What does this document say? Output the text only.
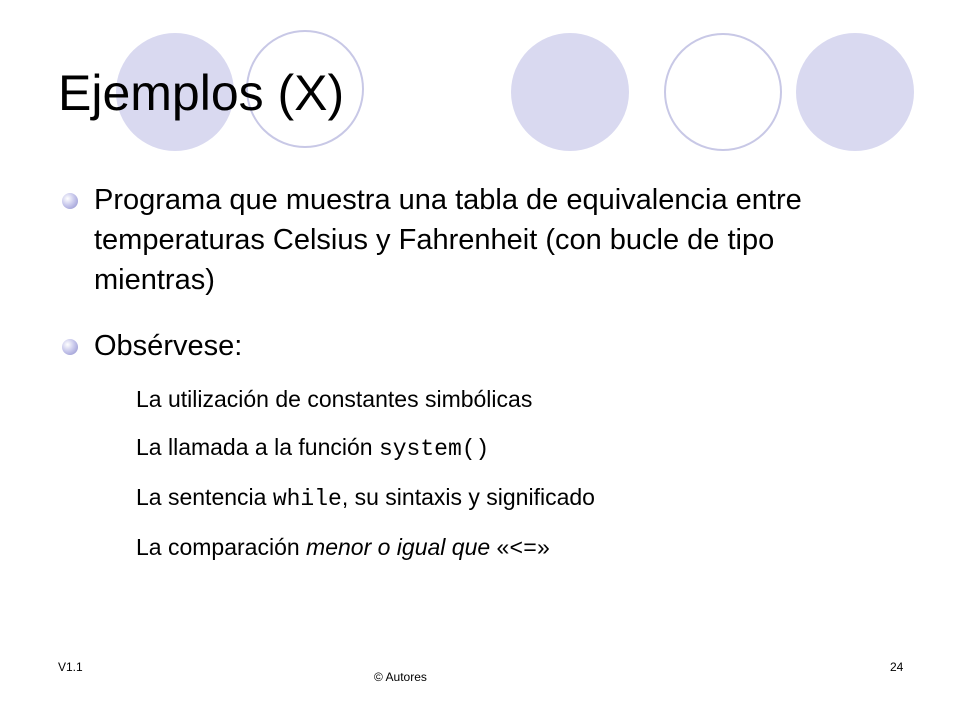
Ejemplos (X)
Programa que muestra una tabla de equivalencia entre temperaturas Celsius y Fahrenheit (con bucle de tipo mientras)
Obsérvese:
La utilización de constantes simbólicas
La llamada a la función system()
La sentencia while, su sintaxis y significado
La comparación menor o igual que «<=»
V1.1
© Autores
24
